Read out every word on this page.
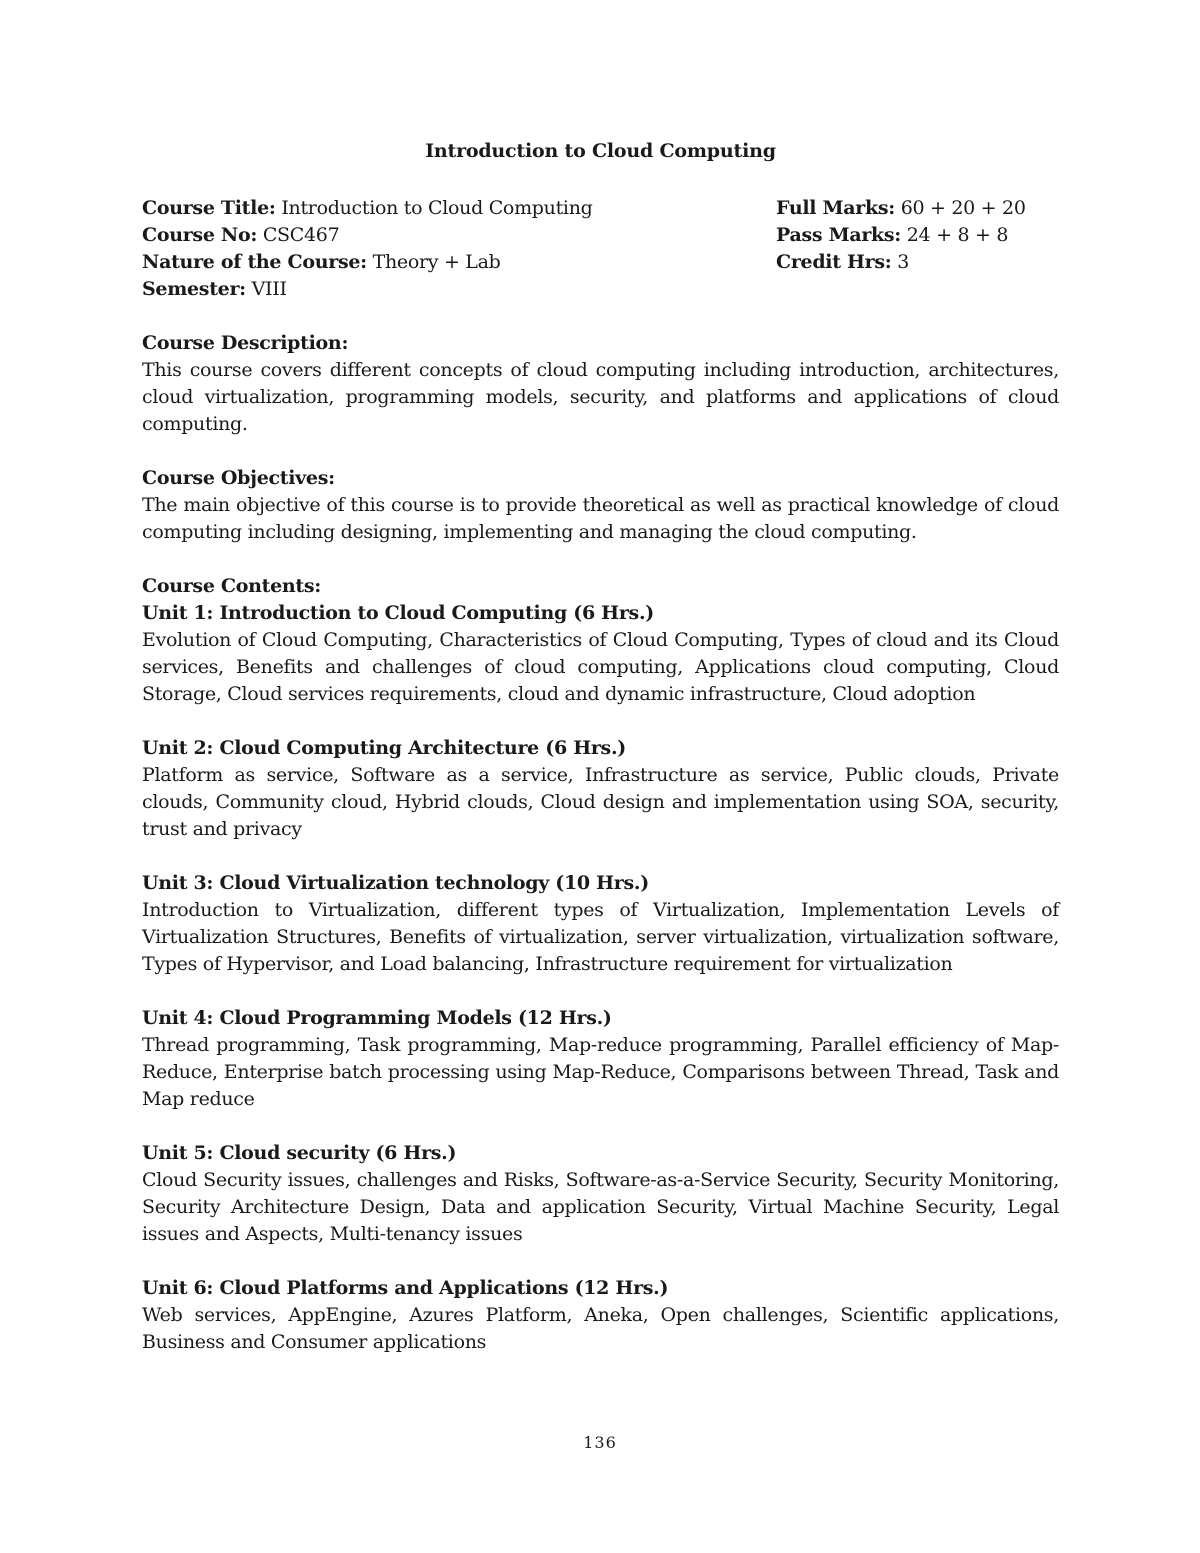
Introduction to Cloud Computing
Course Title: Introduction to Cloud Computing
Course No: CSC467
Nature of the Course: Theory + Lab
Semester: VIII
Full Marks: 60 + 20 + 20
Pass Marks: 24 + 8 + 8
Credit Hrs: 3
Course Description:
This course covers different concepts of cloud computing including introduction, architectures, cloud virtualization, programming models, security, and platforms and applications of cloud computing.
Course Objectives:
The main objective of this course is to provide theoretical as well as practical knowledge of cloud computing including designing, implementing and managing the cloud computing.
Course Contents:
Unit 1: Introduction to Cloud Computing (6 Hrs.)
Evolution of Cloud Computing, Characteristics of Cloud Computing, Types of cloud and its Cloud services, Benefits and challenges of cloud computing, Applications cloud computing, Cloud Storage, Cloud services requirements, cloud and dynamic infrastructure, Cloud adoption
Unit 2: Cloud Computing Architecture (6 Hrs.)
Platform as service, Software as a service, Infrastructure as service, Public clouds, Private clouds, Community cloud, Hybrid clouds, Cloud design and implementation using SOA, security, trust and privacy
Unit 3: Cloud Virtualization technology (10 Hrs.)
Introduction to Virtualization, different types of Virtualization, Implementation Levels of Virtualization Structures, Benefits of virtualization, server virtualization, virtualization software, Types of Hypervisor, and Load balancing, Infrastructure requirement for virtualization
Unit 4: Cloud Programming Models (12 Hrs.)
Thread programming, Task programming, Map-reduce programming, Parallel efficiency of Map-Reduce, Enterprise batch processing using Map-Reduce, Comparisons between Thread, Task and Map reduce
Unit 5: Cloud security (6 Hrs.)
Cloud Security issues, challenges and Risks, Software-as-a-Service Security, Security Monitoring, Security Architecture Design, Data and application Security, Virtual Machine Security, Legal issues and Aspects, Multi-tenancy issues
Unit 6: Cloud Platforms and Applications (12 Hrs.)
Web services, AppEngine, Azures Platform, Aneka, Open challenges, Scientific applications, Business and Consumer applications
136
